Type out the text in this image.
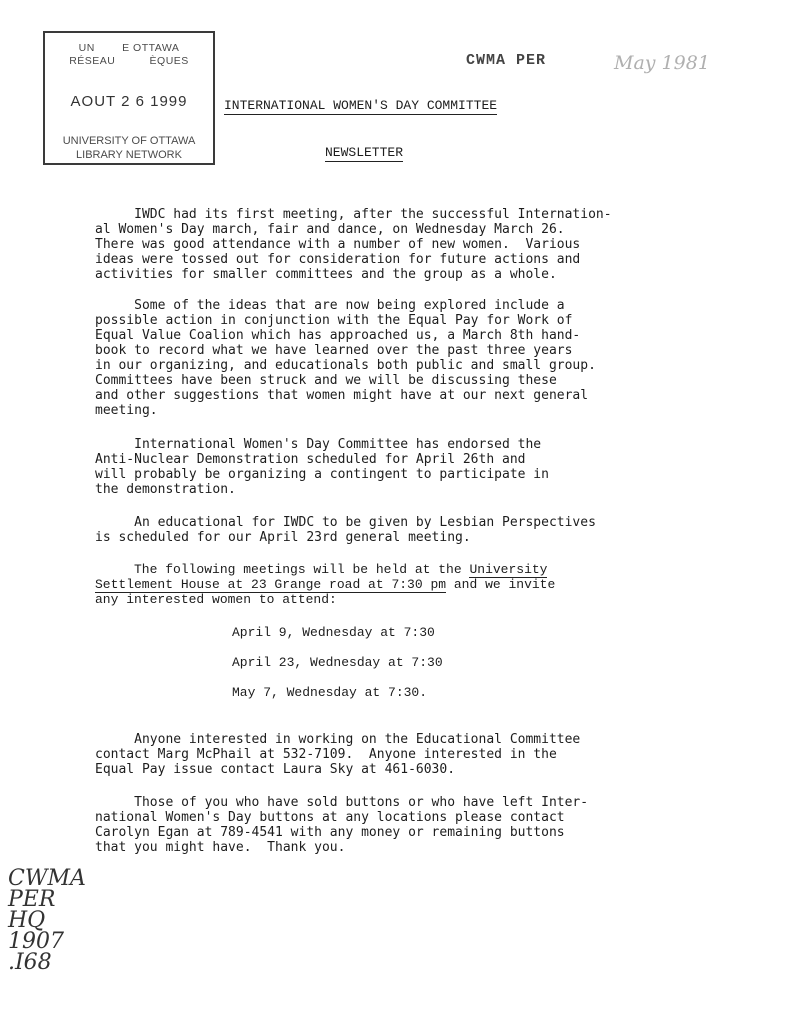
UN        E OTTAWA
RÉSEAU          ÈQUES
AOUT 2 6 1999
UNIVERSITY OF OTTAWA
LIBRARY NETWORK
CWMA PER	May 1981
INTERNATIONAL WOMEN'S DAY COMMITTEE
NEWSLETTER
IWDC had its first meeting, after the successful Internation-
al Women's Day march, fair and dance, on Wednesday March 26.
There was good attendance with a number of new women.  Various
ideas were tossed out for consideration for future actions and
activities for smaller committees and the group as a whole.
Some of the ideas that are now being explored include a
possible action in conjunction with the Equal Pay for Work of
Equal Value Coalion which has approached us, a March 8th hand-
book to record what we have learned over the past three years
in our organizing, and educationals both public and small group.
Committees have been struck and we will be discussing these
and other suggestions that women might have at our next general
meeting.
International Women's Day Committee has endorsed the
Anti-Nuclear Demonstration scheduled for April 26th and
will probably be organizing a contingent to participate in
the demonstration.
An educational for IWDC to be given by Lesbian Perspectives
is scheduled for our April 23rd general meeting.
The following meetings will be held at the University
Settlement House at 23 Grange road at 7:30 pm and we invite
any interested women to attend:
April 9, Wednesday at 7:30
April 23, Wednesday at 7:30
May 7, Wednesday at 7:30.
Anyone interested in working on the Educational Committee
contact Marg McPhail at 532-7109.  Anyone interested in the
Equal Pay issue contact Laura Sky at 461-6030.
Those of you who have sold buttons or who have left Inter-
national Women's Day buttons at any locations please contact
Carolyn Egan at 789-4541 with any money or remaining buttons
that you might have.  Thank you.
CWMA
PER
HQ
1907
.I68
